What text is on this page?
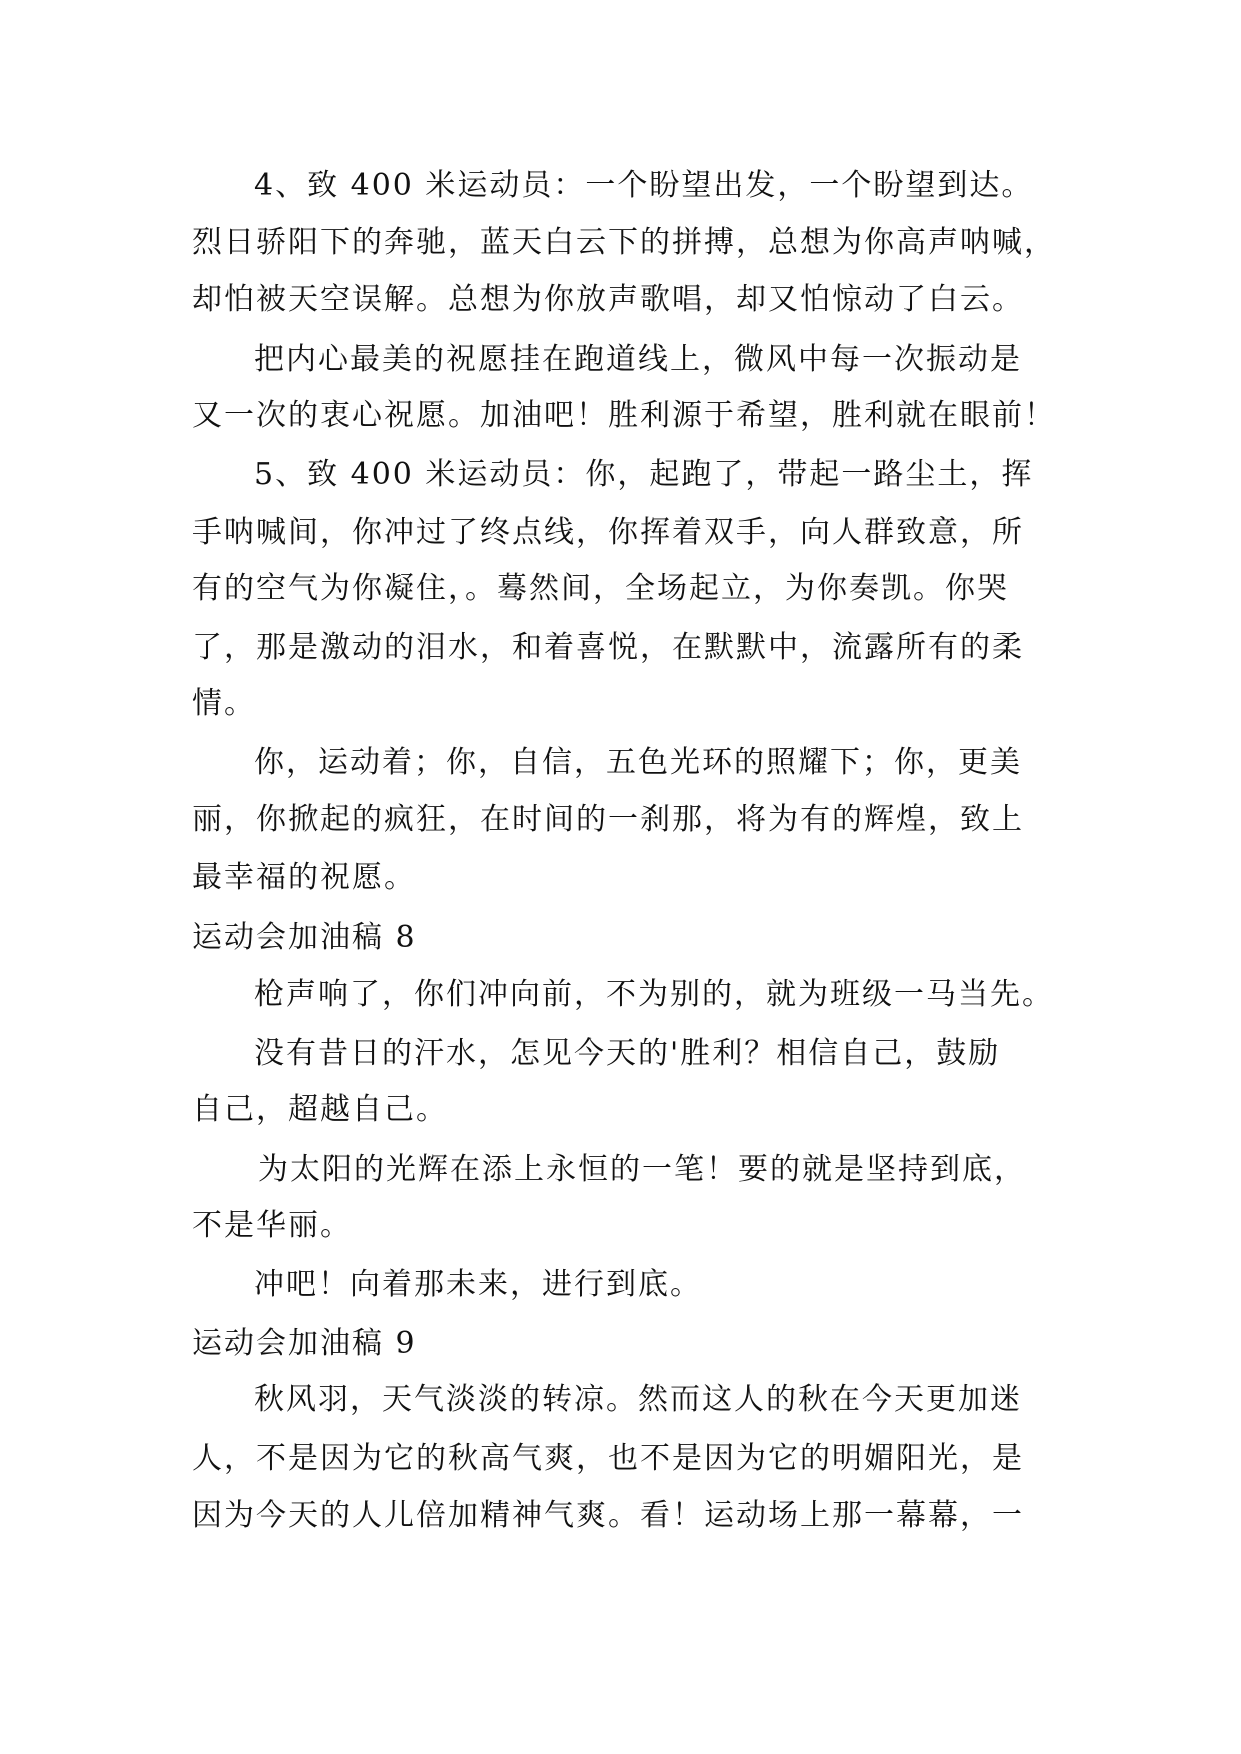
4、致 400 米运动员：一个盼望出发，一个盼望到达。
烈日骄阳下的奔驰，蓝天白云下的拼搏，总想为你高声呐喊，
却怕被天空误解。总想为你放声歌唱，却又怕惊动了白云。
把内心最美的祝愿挂在跑道线上，微风中每一次振动是
又一次的衷心祝愿。加油吧！胜利源于希望，胜利就在眼前！
5、致 400 米运动员：你，起跑了，带起一路尘土，挥
手呐喊间，你冲过了终点线，你挥着双手，向人群致意，所
有的空气为你凝住，。蓦然间，全场起立，为你奏凯。你哭
了，那是激动的泪水，和着喜悦，在默默中，流露所有的柔
情。
你，运动着；你，自信，五色光环的照耀下；你，更美
丽，你掀起的疯狂，在时间的一刹那，将为有的辉煌，致上
最幸福的祝愿。
运动会加油稿 8
枪声响了，你们冲向前，不为别的，就为班级一马当先。
没有昔日的汗水，怎见今天的'胜利？相信自己，鼓励
自己，超越自己。
为太阳的光辉在添上永恒的一笔！要的就是坚持到底，
不是华丽。
冲吧！向着那未来，进行到底。
运动会加油稿 9
秋风羽，天气淡淡的转凉。然而这人的秋在今天更加迷
人，不是因为它的秋高气爽，也不是因为它的明媚阳光，是
因为今天的人儿倍加精神气爽。看！运动场上那一幕幕，一
